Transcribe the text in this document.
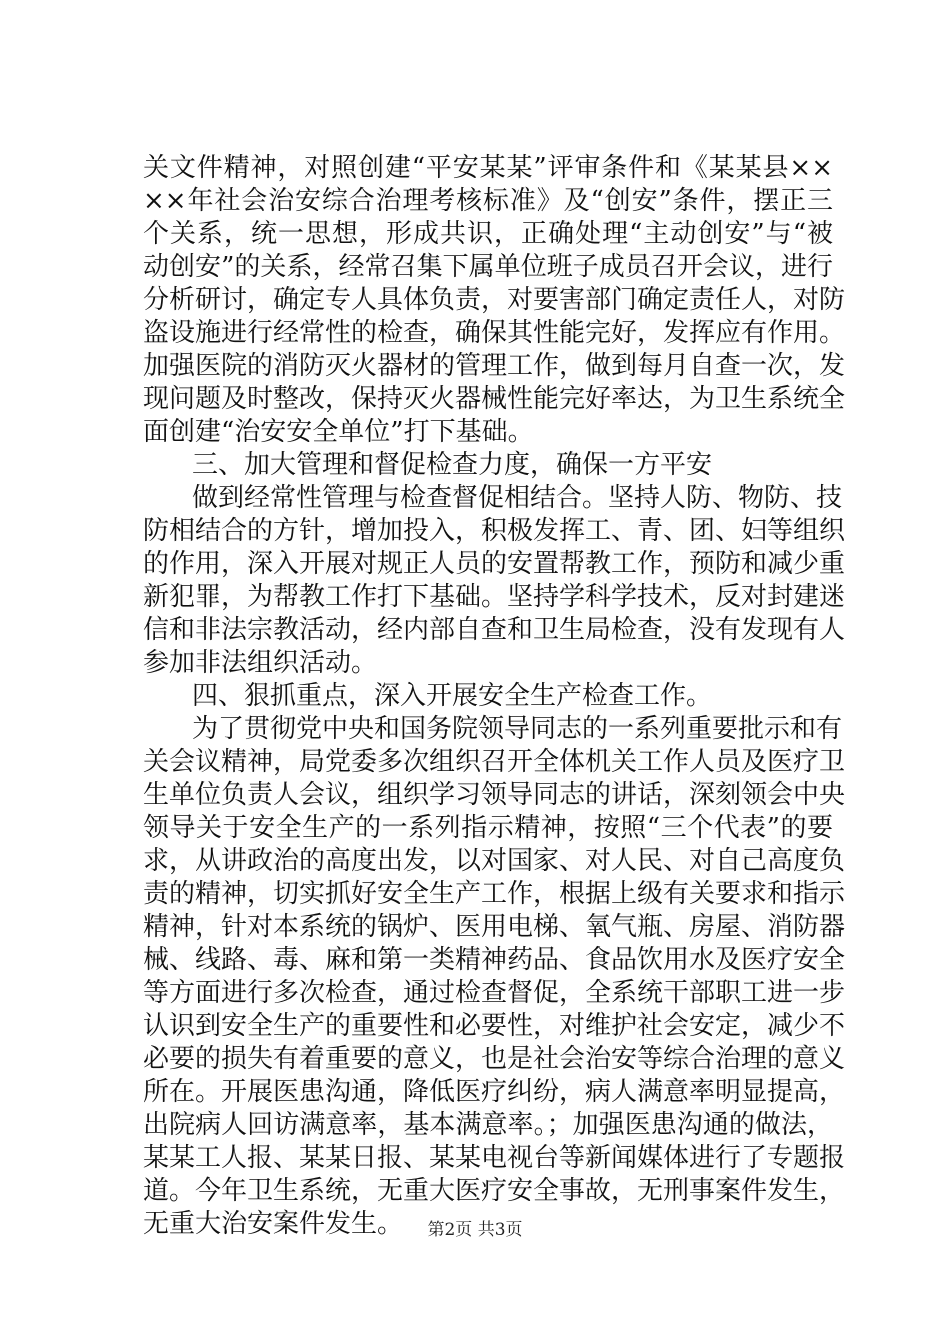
关文件精神，对照创建“平安某某”评审条件和《某某县××
××年社会治安综合治理考核标准》及“创安”条件，摆正三
个关系，统一思想，形成共识，正确处理“主动创安”与“被
动创安”的关系，经常召集下属单位班子成员召开会议，进行
分析研讨，确定专人具体负责，对要害部门确定责任人，对防
盗设施进行经常性的检查，确保其性能完好，发挥应有作用。
加强医院的消防灭火器材的管理工作，做到每月自查一次，发
现问题及时整改，保持灭火器械性能完好率达，为卫生系统全
面创建“治安安全单位”打下基础。
三、加大管理和督促检查力度，确保一方平安
做到经常性管理与检查督促相结合。坚持人防、物防、技
防相结合的方针，增加投入，积极发挥工、青、团、妇等组织
的作用，深入开展对规正人员的安置帮教工作，预防和减少重
新犯罪，为帮教工作打下基础。坚持学科学技术，反对封建迷
信和非法宗教活动，经内部自查和卫生局检查，没有发现有人
参加非法组织活动。
四、狠抓重点，深入开展安全生产检查工作。
为了贯彻党中央和国务院领导同志的一系列重要批示和有
关会议精神，局党委多次组织召开全体机关工作人员及医疗卫
生单位负责人会议，组织学习领导同志的讲话，深刻领会中央
领导关于安全生产的一系列指示精神，按照“三个代表”的要
求，从讲政治的高度出发，以对国家、对人民、对自己高度负
责的精神，切实抓好安全生产工作，根据上级有关要求和指示
精神，针对本系统的锅炉、医用电梯、氧气瓶、房屋、消防器
械、线路、毒、麻和第一类精神药品、食品饮用水及医疗安全
等方面进行多次检查，通过检查督促，全系统干部职工进一步
认识到安全生产的重要性和必要性，对维护社会安定，减少不
必要的损失有着重要的意义，也是社会治安等综合治理的意义
所在。开展医患沟通，降低医疗纠纷，病人满意率明显提高，
出院病人回访满意率，基本满意率。；加强医患沟通的做法，
某某工人报、某某日报、某某电视台等新闻媒体进行了专题报
道。今年卫生系统，无重大医疗安全事故，无刑事案件发生，
无重大治安案件发生。	第2页 共3页
